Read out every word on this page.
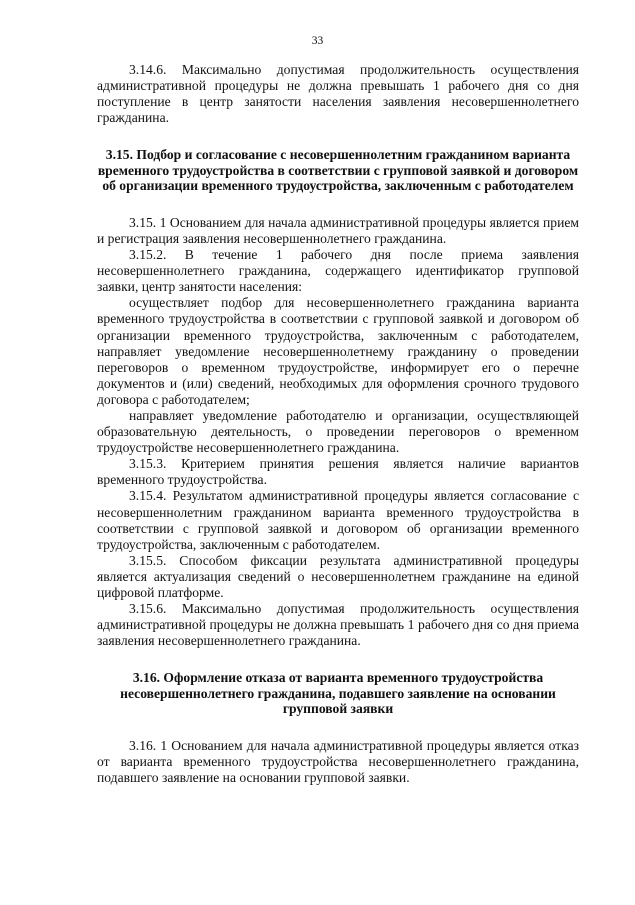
33

3.14.6. Максимально допустимая продолжительность осуществления административной процедуры не должна превышать 1 рабочего дня со дня поступление в центр занятости населения заявления несовершеннолетнего гражданина.

3.15. Подбор и согласование с несовершеннолетним гражданином варианта временного трудоустройства в соответствии с групповой заявкой и договором об организации временного трудоустройства, заключенным с работодателем

3.15. 1 Основанием для начала административной процедуры является прием и регистрация заявления несовершеннолетнего гражданина.

3.15.2. В течение 1 рабочего дня после приема заявления несовершеннолетнего гражданина, содержащего идентификатор групповой заявки, центр занятости населения:

осуществляет подбор для несовершеннолетнего гражданина варианта временного трудоустройства в соответствии с групповой заявкой и договором об организации временного трудоустройства, заключенным с работодателем, направляет уведомление несовершеннолетнему гражданину о проведении переговоров о временном трудоустройстве, информирует его о перечне документов и (или) сведений, необходимых для оформления срочного трудового договора с работодателем;

направляет уведомление работодателю и организации, осуществляющей образовательную деятельность, о проведении переговоров о временном трудоустройстве несовершеннолетнего гражданина.

3.15.3. Критерием принятия решения является наличие вариантов временного трудоустройства.

3.15.4. Результатом административной процедуры является согласование с несовершеннолетним гражданином варианта временного трудоустройства в соответствии с групповой заявкой и договором об организации временного трудоустройства, заключенным с работодателем.

3.15.5. Способом фиксации результата административной процедуры является актуализация сведений о несовершеннолетнем гражданине на единой цифровой платформе.

3.15.6. Максимально допустимая продолжительность осуществления административной процедуры не должна превышать 1 рабочего дня со дня приема заявления несовершеннолетнего гражданина.

3.16. Оформление отказа от варианта временного трудоустройства несовершеннолетнего гражданина, подавшего заявление на основании групповой заявки

3.16. 1 Основанием для начала административной процедуры является отказ от варианта временного трудоустройства несовершеннолетнего гражданина, подавшего заявление на основании групповой заявки.
